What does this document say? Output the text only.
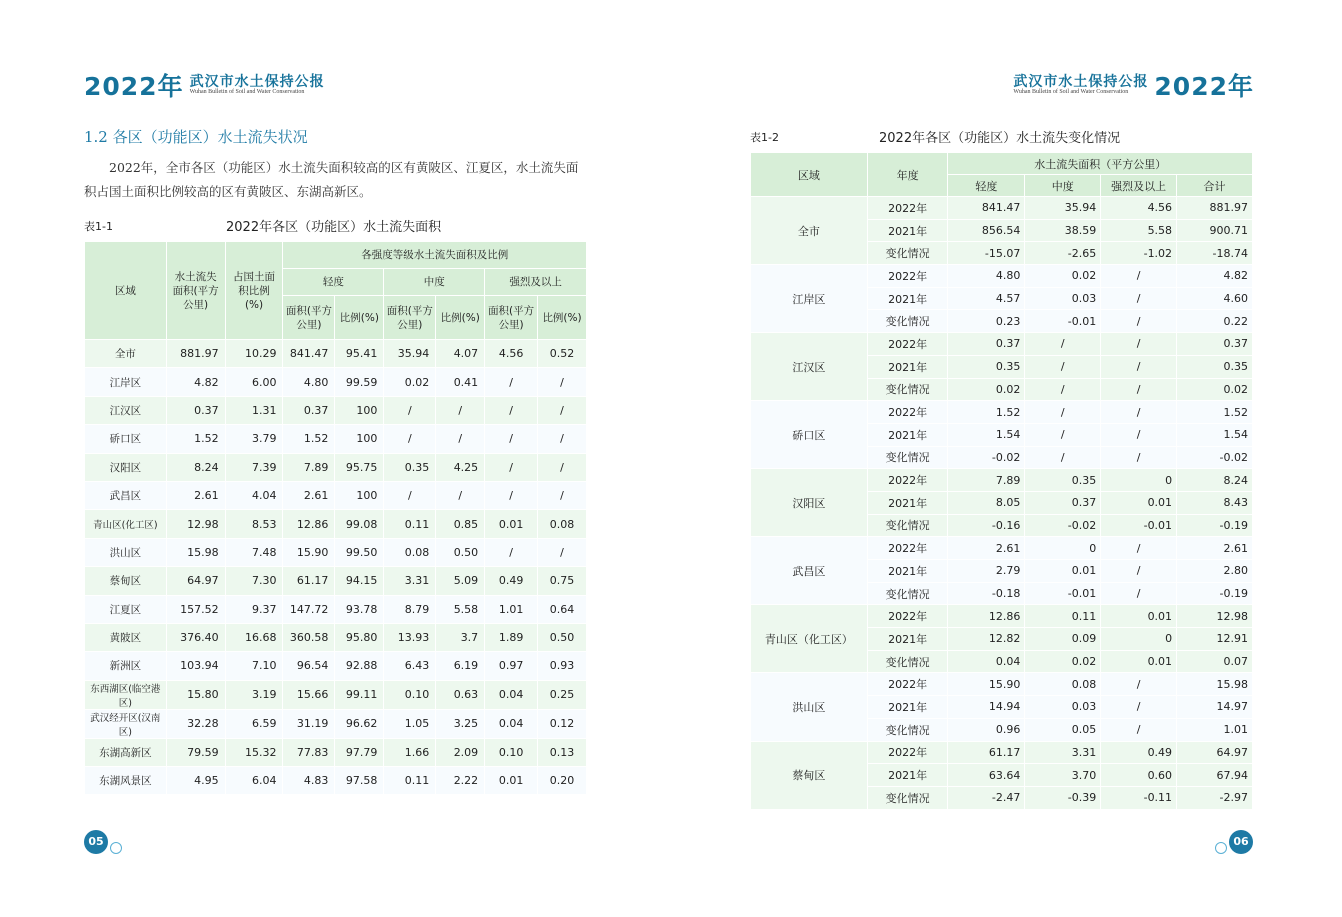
2022年 武汉市水土保持公报
Wuhan Bulletin of Soil and Water Conservation
1.2 各区（功能区）水土流失状况
2022年，全市各区（功能区）水土流失面积较高的区有黄陂区、江夏区，水土流失面积占国土面积比例较高的区有黄陂区、东湖高新区。
表1-1	2022年各区（功能区）水土流失面积
区域	水土流失面积(平方公里)	占国土面积比例(%)	各强度等级水土流失面积及比例					
			轻度		中度		强烈及以上	
			面积(平方公里)	比例(%)	面积(平方公里)	比例(%)	面积(平方公里)	比例(%)
全市	881.97	10.29	841.47	95.41	35.94	4.07	4.56	0.52
江岸区	4.82	6.00	4.80	99.59	0.02	0.41	/	/
江汉区	0.37	1.31	0.37	100	/	/	/	/
硚口区	1.52	3.79	1.52	100	/	/	/	/
汉阳区	8.24	7.39	7.89	95.75	0.35	4.25	/	/
武昌区	2.61	4.04	2.61	100	/	/	/	/
青山区(化工区)	12.98	8.53	12.86	99.08	0.11	0.85	0.01	0.08
洪山区	15.98	7.48	15.90	99.50	0.08	0.50	/	/
蔡甸区	64.97	7.30	61.17	94.15	3.31	5.09	0.49	0.75
江夏区	157.52	9.37	147.72	93.78	8.79	5.58	1.01	0.64
黄陂区	376.40	16.68	360.58	95.80	13.93	3.7	1.89	0.50
新洲区	103.94	7.10	96.54	92.88	6.43	6.19	0.97	0.93
东西湖区(临空港区)	15.80	3.19	15.66	99.11	0.10	0.63	0.04	0.25
武汉经开区(汉南区)	32.28	6.59	31.19	96.62	1.05	3.25	0.04	0.12
东湖高新区	79.59	15.32	77.83	97.79	1.66	2.09	0.10	0.13
东湖风景区	4.95	6.04	4.83	97.58	0.11	2.22	0.01	0.20
05
武汉市水土保持公报
Wuhan Bulletin of Soil and Water Conservation	2022年
表1-2	2022年各区（功能区）水土流失变化情况
06
区域	年度	水土流失面积（平方公里）			
		轻度	中度	强烈及以上	合计
全市	2022年	841.47	35.94	4.56	881.97
	2021年	856.54	38.59	5.58	900.71
	变化情况	-15.07	-2.65	-1.02	-18.74
江岸区	2022年	4.80	0.02	/	4.82
	2021年	4.57	0.03	/	4.60
	变化情况	0.23	-0.01	/	0.22
江汉区	2022年	0.37	/	/	0.37
	2021年	0.35	/	/	0.35
	变化情况	0.02	/	/	0.02
硚口区	2022年	1.52	/	/	1.52
	2021年	1.54	/	/	1.54
	变化情况	-0.02	/	/	-0.02
汉阳区	2022年	7.89	0.35	0	8.24
	2021年	8.05	0.37	0.01	8.43
	变化情况	-0.16	-0.02	-0.01	-0.19
武昌区	2022年	2.61	0	/	2.61
	2021年	2.79	0.01	/	2.80
	变化情况	-0.18	-0.01	/	-0.19
青山区（化工区）	2022年	12.86	0.11	0.01	12.98
	2021年	12.82	0.09	0	12.91
	变化情况	0.04	0.02	0.01	0.07
洪山区	2022年	15.90	0.08	/	15.98
	2021年	14.94	0.03	/	14.97
	变化情况	0.96	0.05	/	1.01
蔡甸区	2022年	61.17	3.31	0.49	64.97
	2021年	63.64	3.70	0.60	67.94
	变化情况	-2.47	-0.39	-0.11	-2.97
